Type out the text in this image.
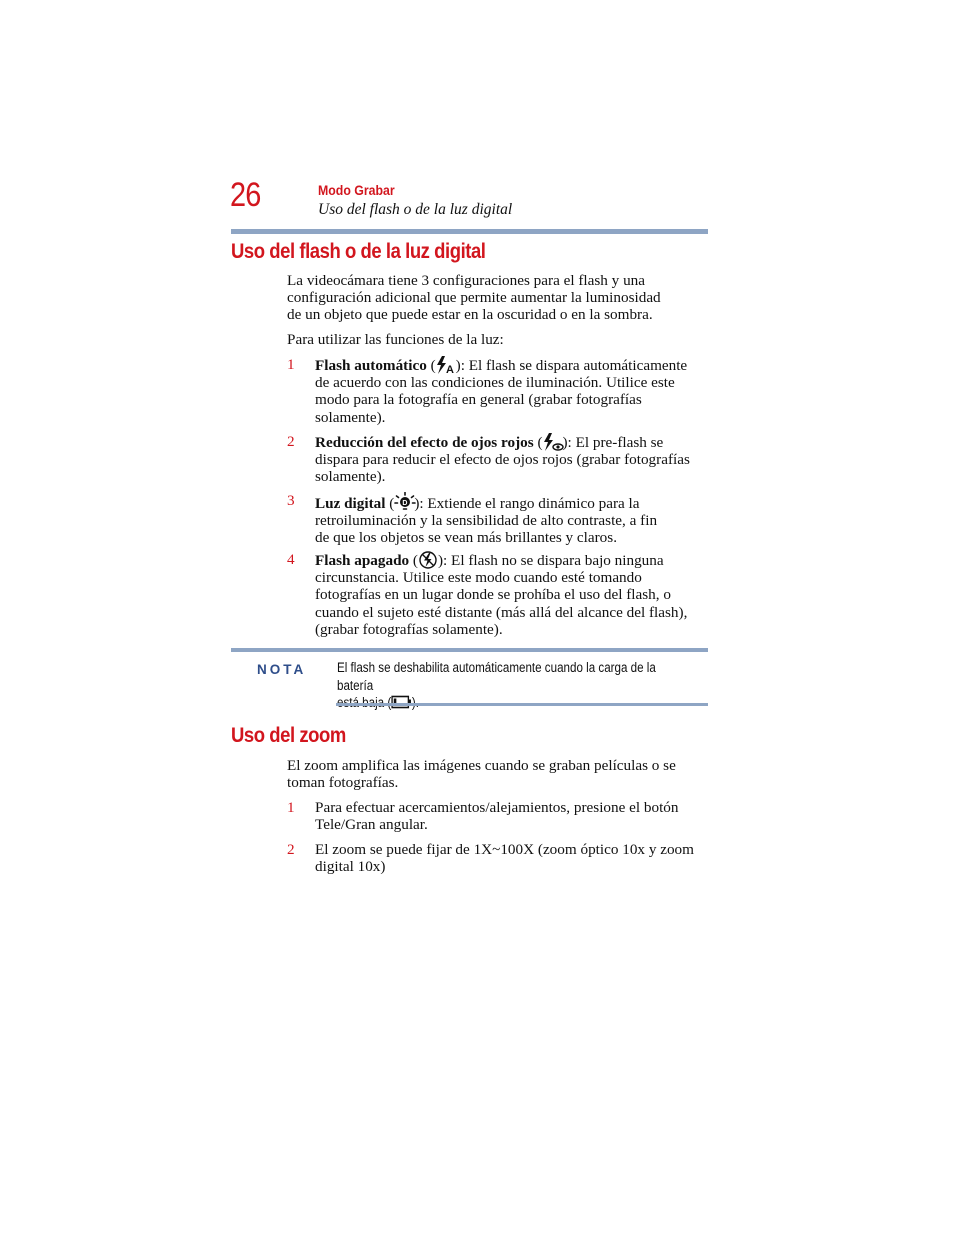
26	Modo Grabar
Uso del flash o de la luz digital
Uso del flash o de la luz digital
La videocámara tiene 3 configuraciones para el flash y una
configuración adicional que permite aumentar la luminosidad
de un objeto que puede estar en la oscuridad o en la sombra.
Para utilizar las funciones de la luz:
1 Flash automático ( A ): El flash se dispara automáticamente
de acuerdo con las condiciones de iluminación. Utilice este
modo para la fotografía en general (grabar fotografías
solamente).
2 Reducción del efecto de ojos rojos ( ): El pre-flash se
dispara para reducir el efecto de ojos rojos (grabar fotografías
solamente).
3 Luz digital ( D ): Extiende el rango dinámico para la
retroiluminación y la sensibilidad de alto contraste, a fin
de que los objetos se vean más brillantes y claros.
4 Flash apagado ( ): El flash no se dispara bajo ninguna
circunstancia. Utilice este modo cuando esté tomando
fotografías en un lugar donde se prohíba el uso del flash, o
cuando el sujeto esté distante (más allá del alcance del flash),
(grabar fotografías solamente).
NOTA El flash se deshabilita automáticamente cuando la carga de la batería
Uso del zoom
El zoom amplifica las imágenes cuando se graban películas o se
toman fotografías.
1 Para efectuar acercamientos/alejamientos, presione el botón
Tele/Gran angular.
2 El zoom se puede fijar de 1X~100X (zoom óptico 10x y zoom
digital 10x)
